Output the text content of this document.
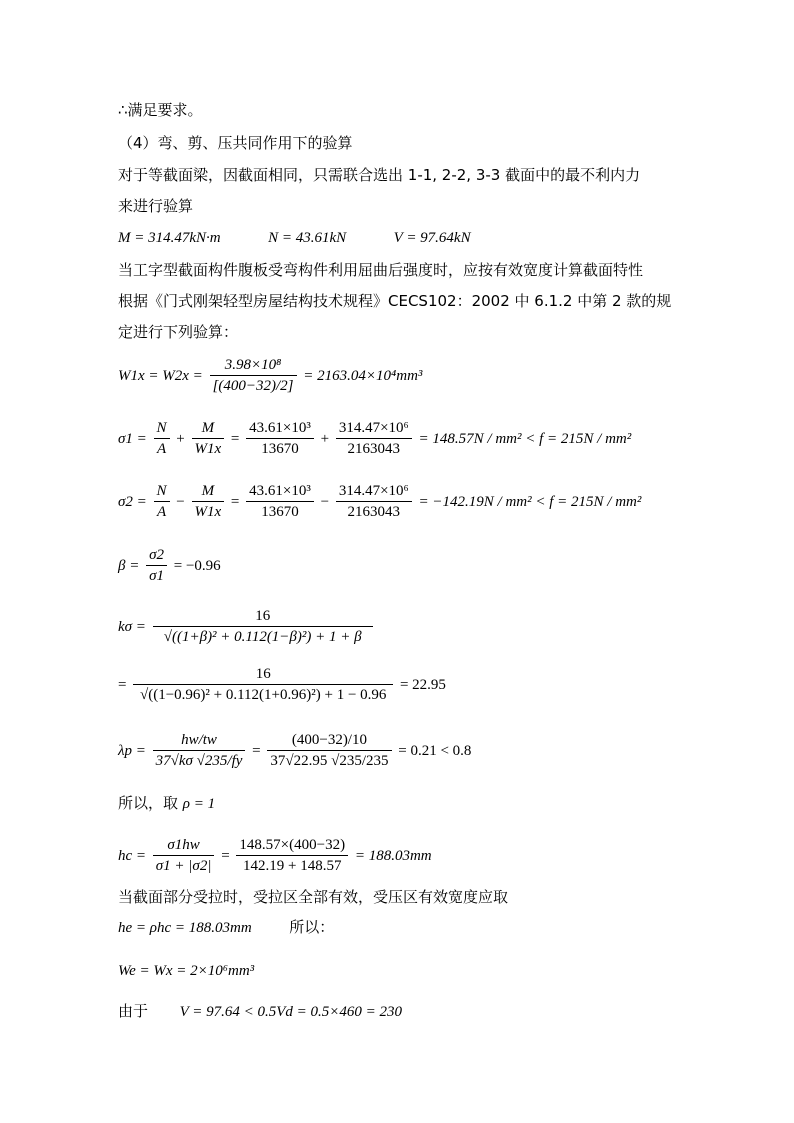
∴满足要求。
（4）弯、剪、压共同作用下的验算
对于等截面梁，因截面相同，只需联合选出 1-1, 2-2, 3-3 截面中的最不利内力
来进行验算
M = 314.47kN·m	N = 43.61kN	V = 97.64kN
当工字型截面构件腹板受弯构件利用屈曲后强度时，应按有效宽度计算截面特性
根据《门式刚架轻型房屋结构技术规程》CECS102：2002 中 6.1.2 中第 2 款的规
定进行下列验算：
$W1x = W2x = \frac{\text{3.98×10⁸}}{[(400-32)/2]} = 2163.04\times 10^4mm^3$
$\sigma 1 = \frac{N}{A} + \frac{M}{W1x} = \frac{\text{43.61×10³}}{13670} + \frac{\text{314.47×10⁶}}{2163043} = 148.57N / mm^2 < f = 215N / mm^2$
$\sigma 2 = \frac{N}{A} - \frac{M}{W1x} = \frac{\text{43.61×10³}}{13670} - \frac{\text{314.47×10⁶}}{2163043} = -142.19N / mm^2 < f = 215N / mm^2$
$\beta = \frac{\sigma 2}{\sigma 1} = -0.96$
$k\sigma = \frac{16}{\text{√((1+β)² + 0.112(1−β)²) + 1 + β}}$
= $\frac{16}{\text{√((1−0.96)² + 0.112(1+0.96)²) + 1 − 0.96}} = 22.95$
$\lambda p = \frac{hw/tw}{37√k\sigma √235/fy} = \frac{(400-32)/10}{37√22.95 √235/235} = 0.21 < 0.8$
所以，取 ρ = 1
hc = $\frac{\sigma 1hw}{\sigma 1 + |\sigma 2|} = \frac{148.57\times(400-32)}{142.19 + 148.57} = 188.03mm$
当截面部分受拉时，受拉区全部有效，受压区有效宽度应取
he = ρhc = 188.03mm	所以：
We = Wx = 2×10⁶mm³
由于 V = 97.64 < 0.5Vd = 0.5×460 = 230
